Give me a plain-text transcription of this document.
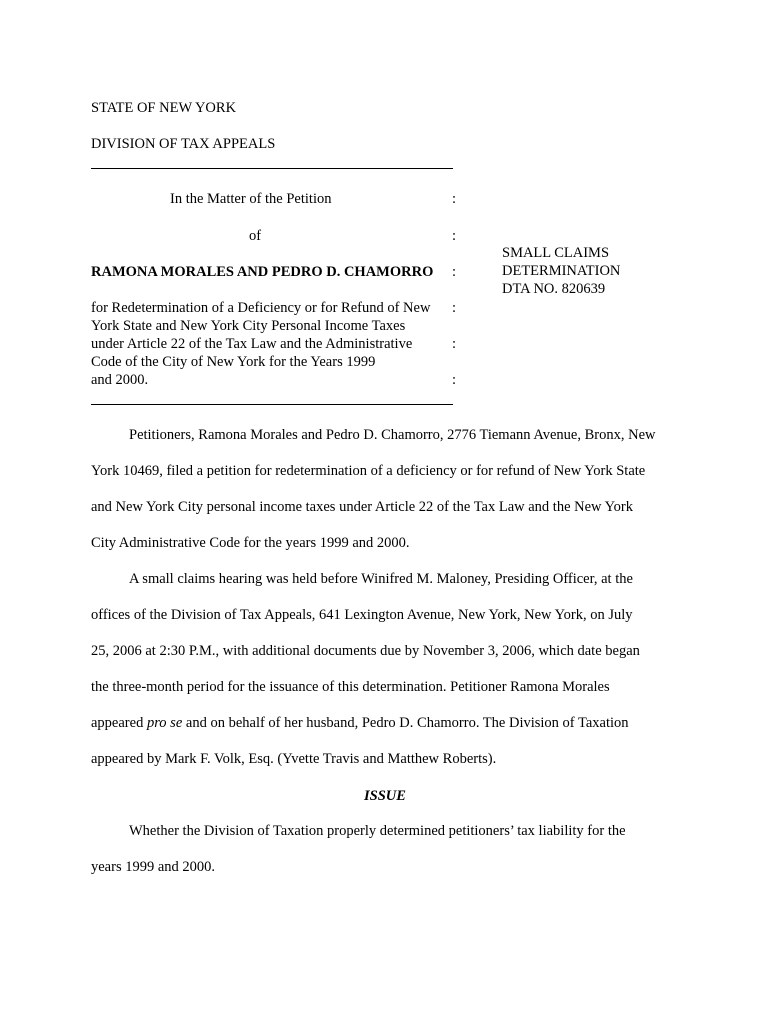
STATE OF NEW YORK
DIVISION OF TAX APPEALS
In the Matter of the Petition	:
of	:
RAMONA MORALES AND PEDRO D. CHAMORRO :
for Redetermination of a Deficiency or for Refund of New
York State and New York City Personal Income Taxes
under Article 22 of the Tax Law and the Administrative
Code of the City of New York for the Years 1999
and 2000.
:
:
:
SMALL CLAIMS
DETERMINATION
DTA NO. 820639

Petitioners, Ramona Morales and Pedro D. Chamorro, 2776 Tiemann Avenue, Bronx, New

York 10469, filed a petition for redetermination of a deficiency or for refund of New York State

and New York City personal income taxes under Article 22 of the Tax Law and the New York

City Administrative Code for the years 1999 and 2000.

A small claims hearing was held before Winifred M. Maloney, Presiding Officer, at the

offices of the Division of Tax Appeals, 641 Lexington Avenue, New York, New York, on July

25, 2006 at 2:30 P.M., with additional documents due by November 3, 2006, which date began

the three-month period for the issuance of this determination. Petitioner Ramona Morales

appeared pro se and on behalf of her husband, Pedro D. Chamorro. The Division of Taxation

appeared by Mark F. Volk, Esq. (Yvette Travis and Matthew Roberts).

ISSUE

Whether the Division of Taxation properly determined petitioners’ tax liability for the

years 1999 and 2000.
